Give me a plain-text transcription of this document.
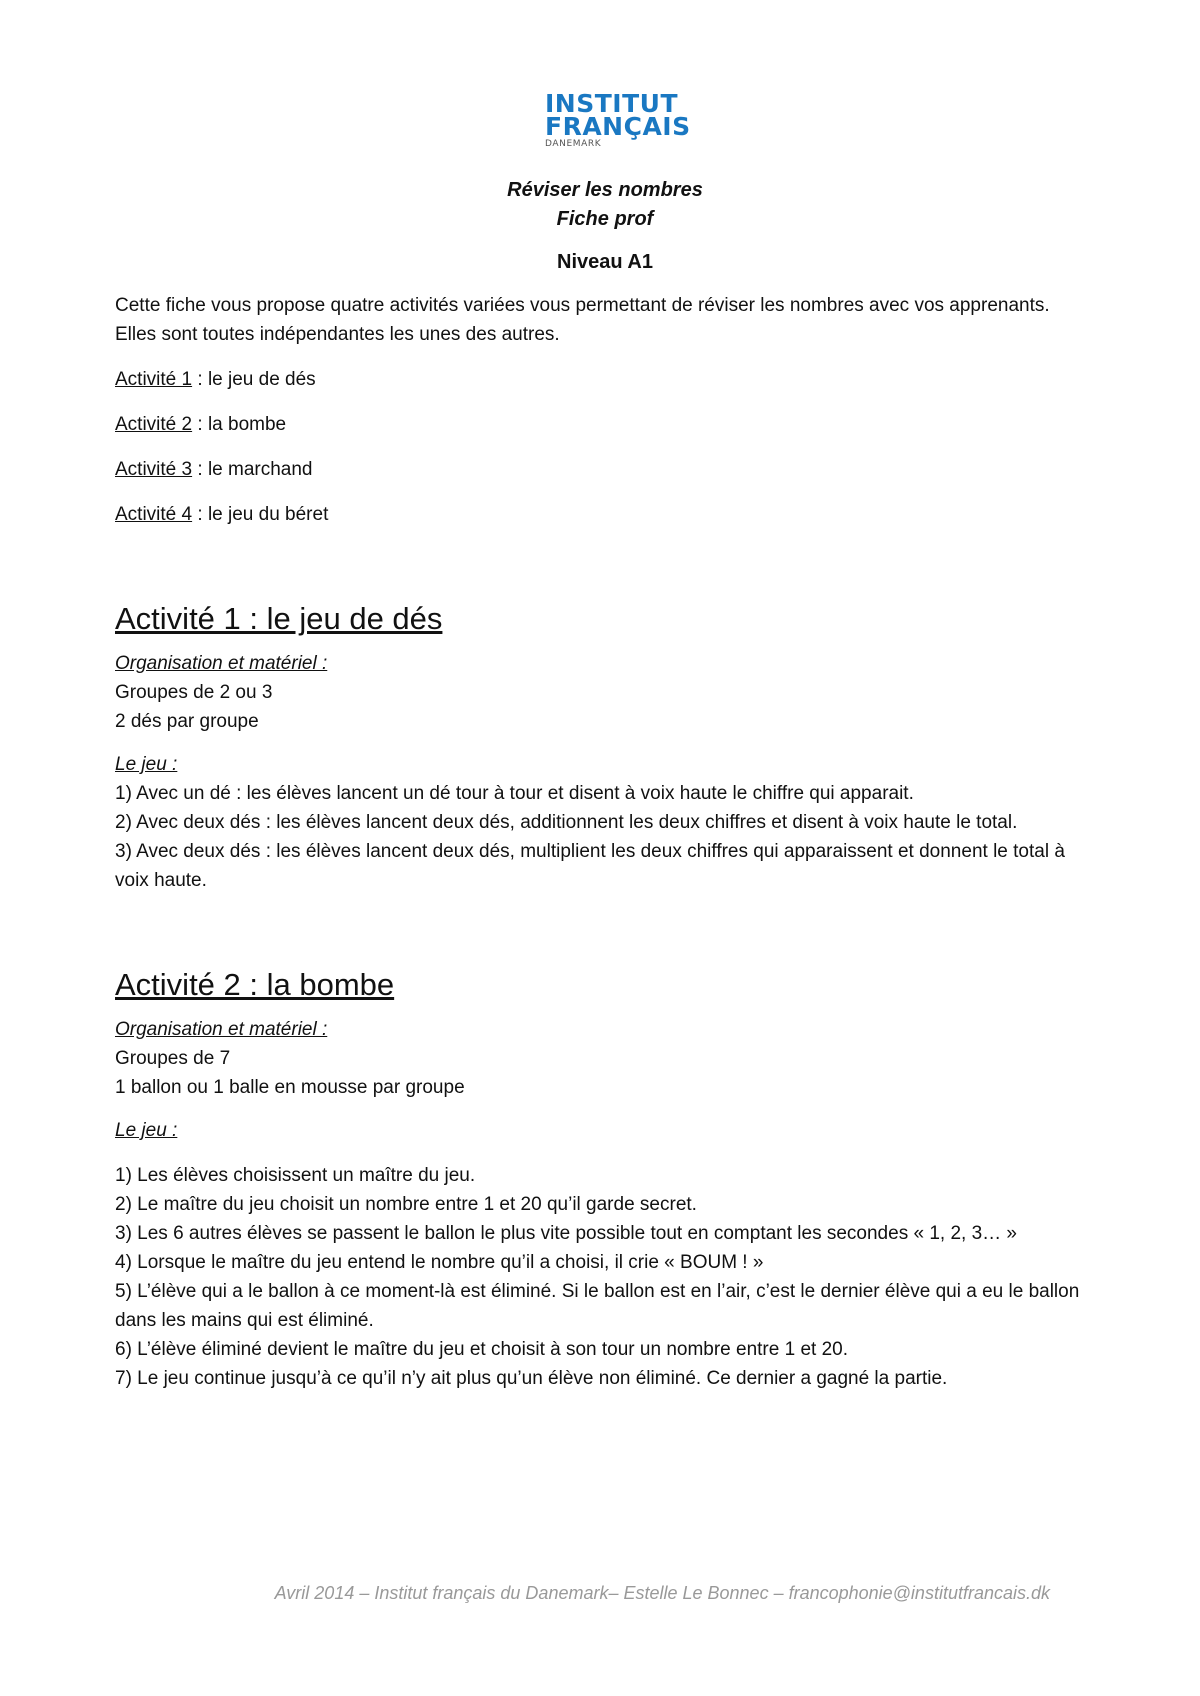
INSTITUT
FRANÇAIS
DANEMARK

Réviser les nombres

Fiche prof

Niveau A1

Cette fiche vous propose quatre activités variées vous permettant de réviser les nombres avec vos apprenants. Elles sont toutes indépendantes les unes des autres.

Activité 1 : le jeu de dés

Activité 2 : la bombe

Activité 3 : le marchand

Activité 4 : le jeu du béret

Activité 1 : le jeu de dés

Organisation et matériel :

Groupes de 2 ou 3

2 dés par groupe

Le jeu :

1) Avec un dé : les élèves lancent un dé tour à tour et disent à voix haute le chiffre qui apparait.

2) Avec deux dés : les élèves lancent deux dés, additionnent les deux chiffres et disent à voix haute le total.

3) Avec deux dés : les élèves lancent deux dés, multiplient les deux chiffres qui apparaissent et donnent le total à voix haute.

Activité 2 : la bombe

Organisation et matériel :

Groupes de 7

1 ballon ou 1 balle en mousse par groupe

Le jeu :

1) Les élèves choisissent un maître du jeu.

2) Le maître du jeu choisit un nombre entre 1 et 20 qu’il garde secret.

3) Les 6 autres élèves se passent le ballon le plus vite possible tout en comptant les secondes « 1, 2, 3… »

4) Lorsque le maître du jeu entend le nombre qu’il a choisi, il crie « BOUM ! »

5) L’élève qui a le ballon à ce moment-là est éliminé. Si le ballon est en l’air, c’est le dernier élève qui a eu le ballon dans les mains qui est éliminé.

6) L’élève éliminé devient le maître du jeu et choisit à son tour un nombre entre 1 et 20.

7) Le jeu continue jusqu’à ce qu’il n’y ait plus qu’un élève non éliminé. Ce dernier a gagné la partie.

Avril 2014 – Institut français du Danemark– Estelle Le Bonnec – francophonie@institutfrancais.dk
